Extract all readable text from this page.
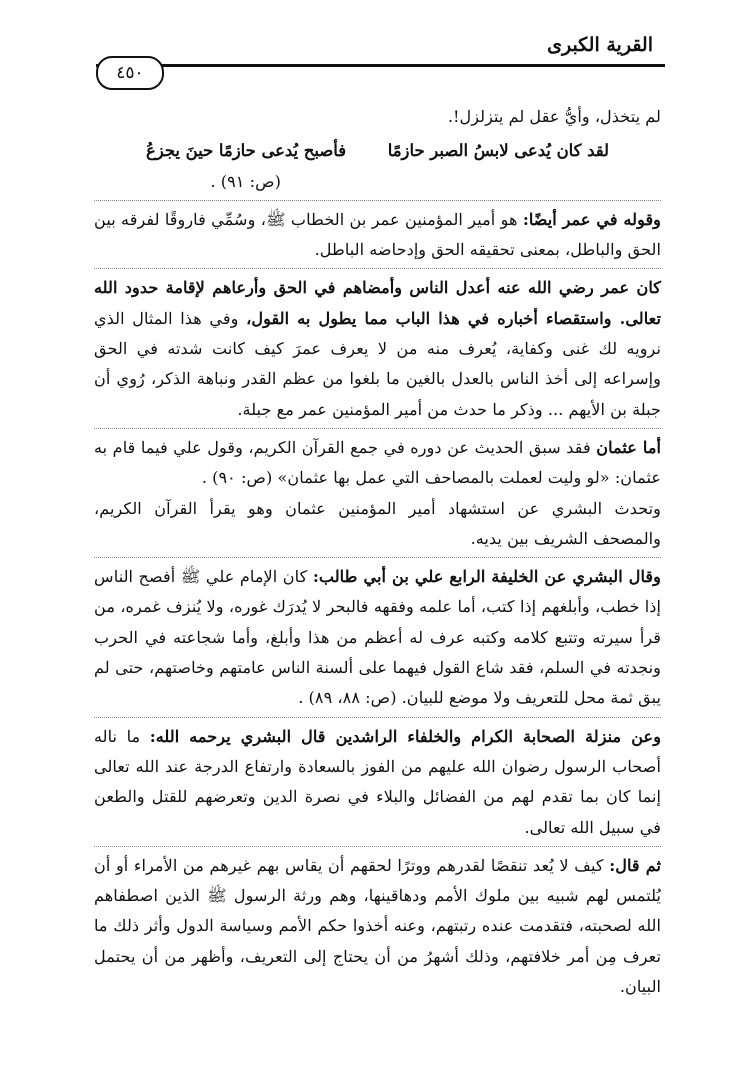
القرية الكبرى
٤٥٠

لم يتخذل، وأيُّ عقل لم يتزلزل!.

لقد كان يُدعى لابسُ الصبر حازمًا فأصبح يُدعى حازمًا حينَ يجزعُ
(ص: ٩١) .

وقوله في عمر أيضًا: هو أمير المؤمنين عمر بن الخطاب ﷺ، وسُمِّي فاروقًا لفرقه بين الحق والباطل، بمعنى تحقيقه الحق وإدحاضه الباطل.

كان عمر رضي الله عنه أعدل الناس وأمضاهم في الحق وأرعاهم لإقامة حدود الله تعالى. واستقصاء أخباره في هذا الباب مما يطول به القول، وفي هذا المثال الذي نرويه لك غنى وكفاية، يُعرف منه من لا يعرف عمرَ كيف كانت شدته في الحق وإسراعه إلى أخذ الناس بالعدل بالغين ما بلغوا من عظم القدر ونباهة الذكر، رُوي أن جبلة بن الأيهم ... وذكر ما حدث من أمير المؤمنين عمر مع جبلة.

أما عثمان فقد سبق الحديث عن دوره في جمع القرآن الكريم، وقول علي فيما قام به عثمان: «لو وليت لعملت بالمصاحف التي عمل بها عثمان» (ص: ٩٠) .

وتحدث البشري عن استشهاد أمير المؤمنين عثمان وهو يقرأ القرآن الكريم، والمصحف الشريف بين يديه.

وقال البشري عن الخليفة الرابع علي بن أبي طالب: كان الإمام علي ﷺ أفصح الناس إذا خطب، وأبلغهم إذا كتب، أما علمه وفقهه فالبحر لا يُدرَك غوره، ولا يُنزف غمره، من قرأ سيرته وتتبع كلامه وكتبه عرف له أعظم من هذا وأبلغ، وأما شجاعته في الحرب ونجدته في السلم، فقد شاع القول فيهما على ألسنة الناس عامتهم وخاصتهم، حتى لم يبق ثمة محل للتعريف ولا موضع للبيان. (ص: ٨٨، ٨٩) .

وعن منزلة الصحابة الكرام والخلفاء الراشدين قال البشري يرحمه الله: ما ناله أصحاب الرسول رضوان الله عليهم من الفوز بالسعادة وارتفاع الدرجة عند الله تعالى إنما كان بما تقدم لهم من الفضائل والبلاء في نصرة الدين وتعرضهم للقتل والطعن في سبيل الله تعالى.

ثم قال: كيف لا يُعد تنقصًا لقدرهم ووترًا لحقهم أن يقاس بهم غيرهم من الأمراء أو أن يُلتمس لهم شبيه بين ملوك الأمم ودهاقينها، وهم ورثة الرسول ﷺ الذين اصطفاهم الله لصحبته، فتقدمت عنده رتبتهم، وعنه أخذوا حكم الأمم وسياسة الدول وأثر ذلك ما تعرف مِن أمر خلافتهم، وذلك أشهرُ من أن يحتاج إلى التعريف، وأظهر من أن يحتمل البيان.
